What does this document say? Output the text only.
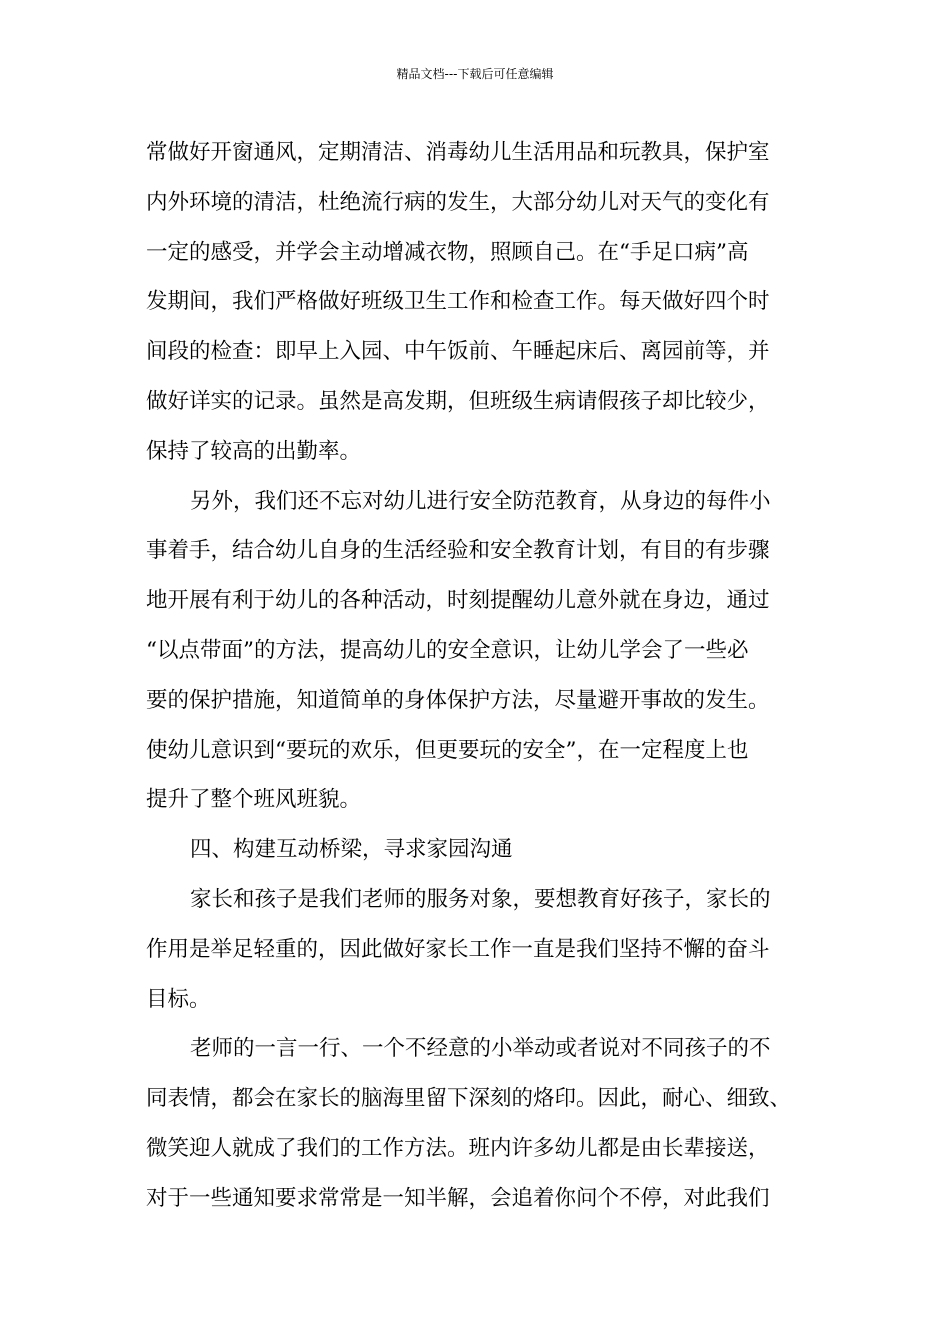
精品文档---下载后可任意编辑
常做好开窗通风，定期清洁、消毒幼儿生活用品和玩教具，保护室
内外环境的清洁，杜绝流行病的发生，大部分幼儿对天气的变化有
一定的感受，并学会主动增减衣物，照顾自己。在“手足口病”高
发期间，我们严格做好班级卫生工作和检查工作。每天做好四个时
间段的检查：即早上入园、中午饭前、午睡起床后、离园前等，并
做好详实的记录。虽然是高发期，但班级生病请假孩子却比较少，
保持了较高的出勤率。
另外，我们还不忘对幼儿进行安全防范教育，从身边的每件小
事着手，结合幼儿自身的生活经验和安全教育计划，有目的有步骤
地开展有利于幼儿的各种活动，时刻提醒幼儿意外就在身边，通过
“以点带面”的方法，提高幼儿的安全意识，让幼儿学会了一些必
要的保护措施，知道简单的身体保护方法，尽量避开事故的发生。
使幼儿意识到“要玩的欢乐，但更要玩的安全”，在一定程度上也
提升了整个班风班貌。
四、构建互动桥梁，寻求家园沟通
家长和孩子是我们老师的服务对象，要想教育好孩子，家长的
作用是举足轻重的，因此做好家长工作一直是我们坚持不懈的奋斗
目标。
老师的一言一行、一个不经意的小举动或者说对不同孩子的不
同表情，都会在家长的脑海里留下深刻的烙印。因此，耐心、细致、
微笑迎人就成了我们的工作方法。班内许多幼儿都是由长辈接送，
对于一些通知要求常常是一知半解，会追着你问个不停，对此我们
